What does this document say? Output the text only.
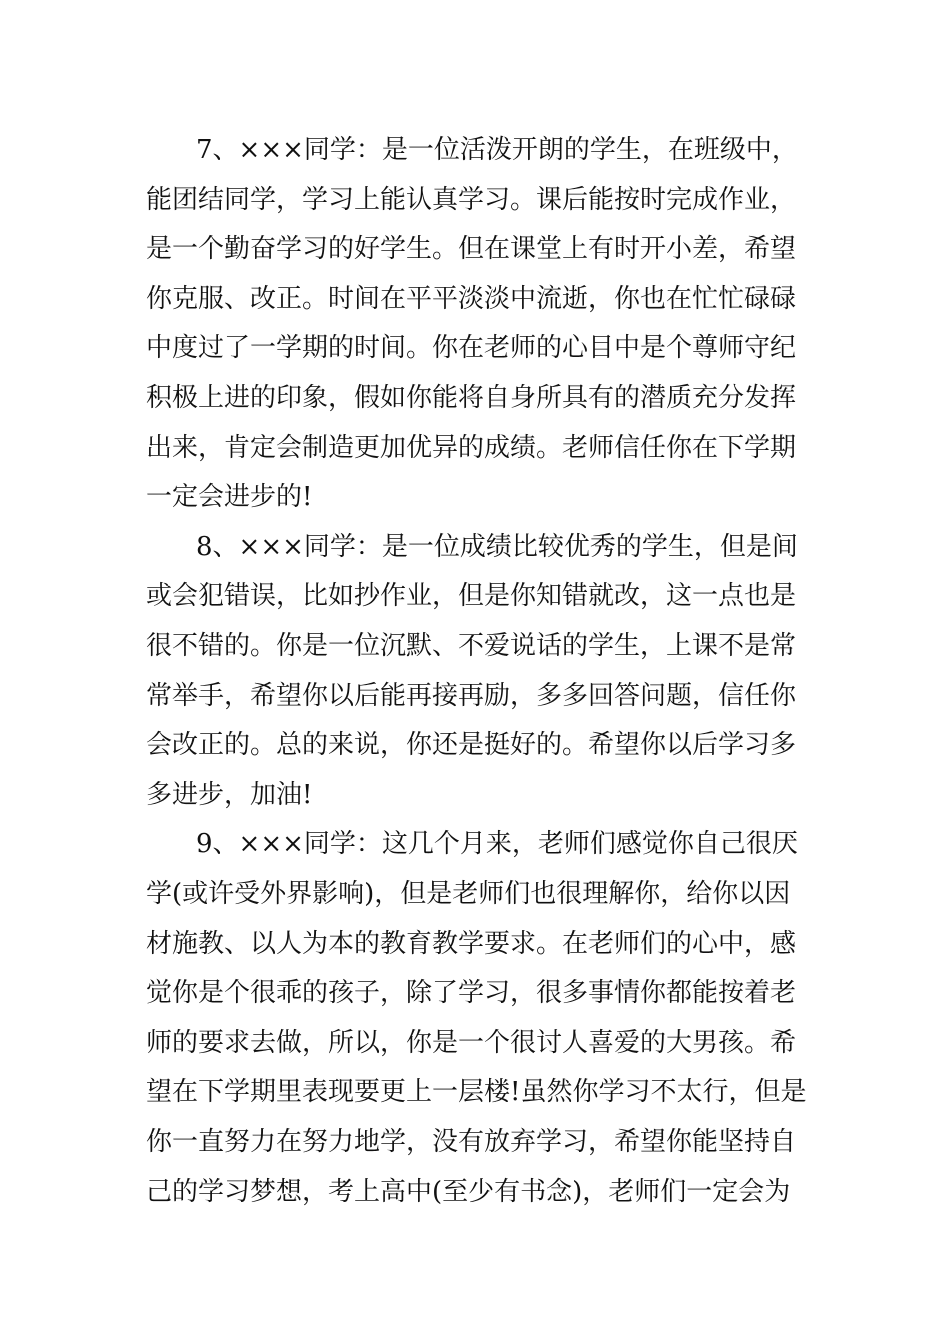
7、×××同学：是一位活泼开朗的学生，在班级中，
能团结同学，学习上能认真学习。课后能按时完成作业，
是一个勤奋学习的好学生。但在课堂上有时开小差，希望
你克服、改正。时间在平平淡淡中流逝，你也在忙忙碌碌
中度过了一学期的时间。你在老师的心目中是个尊师守纪
积极上进的印象，假如你能将自身所具有的潜质充分发挥
出来，肯定会制造更加优异的成绩。老师信任你在下学期
一定会进步的!
8、×××同学：是一位成绩比较优秀的学生，但是间
或会犯错误，比如抄作业，但是你知错就改，这一点也是
很不错的。你是一位沉默、不爱说话的学生，上课不是常
常举手，希望你以后能再接再励，多多回答问题，信任你
会改正的。总的来说，你还是挺好的。希望你以后学习多
多进步，加油!
9、×××同学：这几个月来，老师们感觉你自己很厌
学(或许受外界影响)，但是老师们也很理解你，给你以因
材施教、以人为本的教育教学要求。在老师们的心中，感
觉你是个很乖的孩子，除了学习，很多事情你都能按着老
师的要求去做，所以，你是一个很讨人喜爱的大男孩。希
望在下学期里表现要更上一层楼!虽然你学习不太行，但是
你一直努力在努力地学，没有放弃学习，希望你能坚持自
己的学习梦想，考上高中(至少有书念)，老师们一定会为
